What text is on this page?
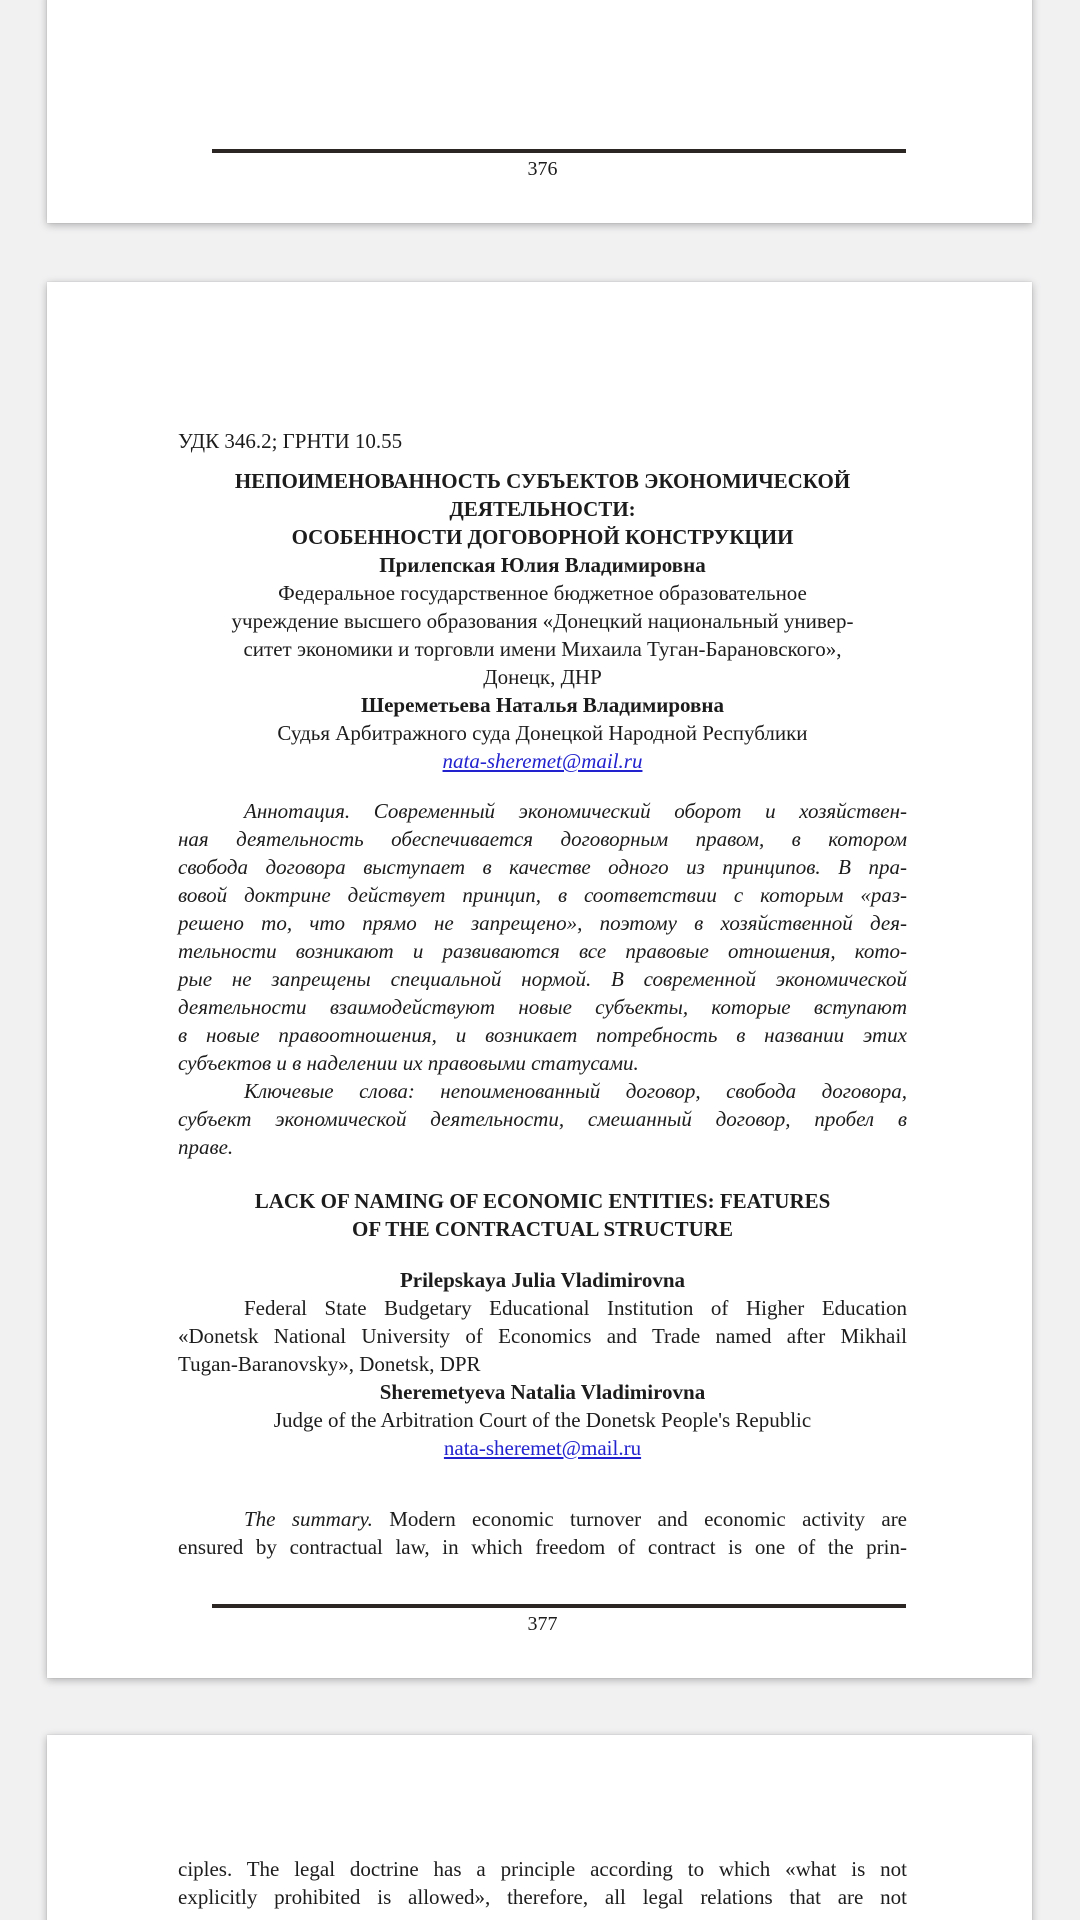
376
УДК 346.2; ГРНТИ 10.55
НЕПОИМЕНОВАННОСТЬ СУБЪЕКТОВ ЭКОНОМИЧЕСКОЙ
ДЕЯТЕЛЬНОСТИ:
ОСОБЕННОСТИ ДОГОВОРНОЙ КОНСТРУКЦИИ
Прилепская Юлия Владимировна
Федеральное государственное бюджетное образовательное
учреждение высшего образования «Донецкий национальный универ-
ситет экономики и торговли имени Михаила Туган-Барановского»,
Донецк, ДНР
Шереметьева Наталья Владимировна
Судья Арбитражного суда Донецкой Народной Республики
nata-sheremet@mail.ru
Аннотация. Современный экономический оборот и хозяйствен-
ная деятельность обеспечивается договорным правом, в котором
свобода договора выступает в качестве одного из принципов. В пра-
вовой доктрине действует принцип, в соответствии с которым «раз-
решено то, что прямо не запрещено», поэтому в хозяйственной дея-
тельности возникают и развиваются все правовые отношения, кото-
рые не запрещены специальной нормой. В современной экономической
деятельности взаимодействуют новые субъекты, которые вступают
в новые правоотношения, и возникает потребность в названии этих
субъектов и в наделении их правовыми статусами.
Ключевые слова: непоименованный договор, свобода договора,
субъект экономической деятельности, смешанный договор, пробел в
праве.
LACK OF NAMING OF ECONOMIC ENTITIES: FEATURES
OF THE CONTRACTUAL STRUCTURE
Prilepskaya Julia Vladimirovna
Federal State Budgetary Educational Institution of Higher Education
«Donetsk National University of Economics and Trade named after Mikhail
Tugan-Baranovsky», Donetsk, DPR
Sheremetyeva Natalia Vladimirovna
Judge of the Arbitration Court of the Donetsk People's Republic
nata-sheremet@mail.ru
The summary. Modern economic turnover and economic activity are
ensured by contractual law, in which freedom of contract is one of the prin-
377
ciples. The legal doctrine has a principle according to which «what is not
explicitly prohibited is allowed», therefore, all legal relations that are not
